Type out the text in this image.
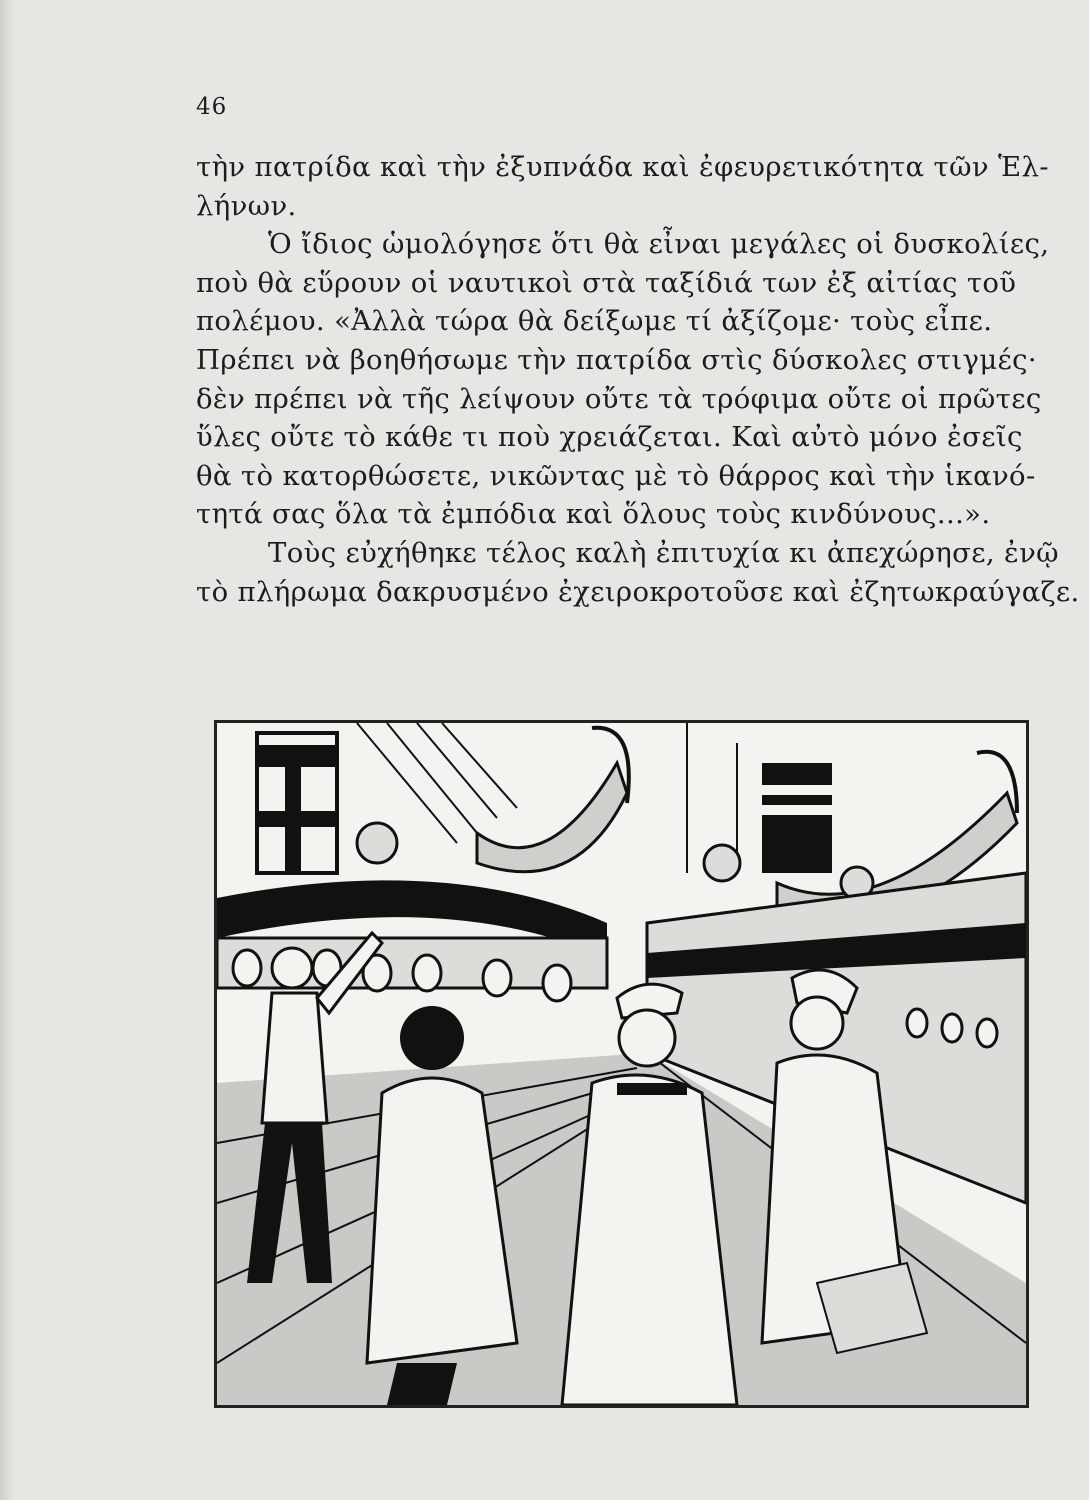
46
τὴν πατρίδα καὶ τὴν ἐξυπνάδα καὶ ἐφευρετικότητα τῶν Ἑλ-
λήνων.
Ὁ ἴδιος ὡμολόγησε ὅτι θὰ εἶναι μεγάλες οἱ δυσκολίες,
ποὺ θὰ εὕρουν οἱ ναυτικοὶ στὰ ταξίδιά των ἐξ αἰτίας τοῦ
πολέμου. «Ἀλλὰ τώρα θὰ δείξωμε τί ἀξίζομε· τοὺς εἶπε.
Πρέπει νὰ βοηθήσωμε τὴν πατρίδα στὶς δύσκολες στιγμές·
δὲν πρέπει νὰ τῆς λείψουν οὔτε τὰ τρόφιμα οὔτε οἱ πρῶτες
ὕλες οὔτε τὸ κάθε τι ποὺ χρειάζεται. Καὶ αὐτὸ μόνο ἐσεῖς
θὰ τὸ κατορθώσετε, νικῶντας μὲ τὸ θάρρος καὶ τὴν ἱκανό-
τητά σας ὅλα τὰ ἐμπόδια καὶ ὅλους τοὺς κινδύνους...».
Τοὺς εὐχήθηκε τέλος καλὴ ἐπιτυχία κι ἀπεχώρησε, ἐνῷ
τὸ πλήρωμα δακρυσμένο ἐχειροκροτοῦσε καὶ ἐζητωκραύγαζε.
